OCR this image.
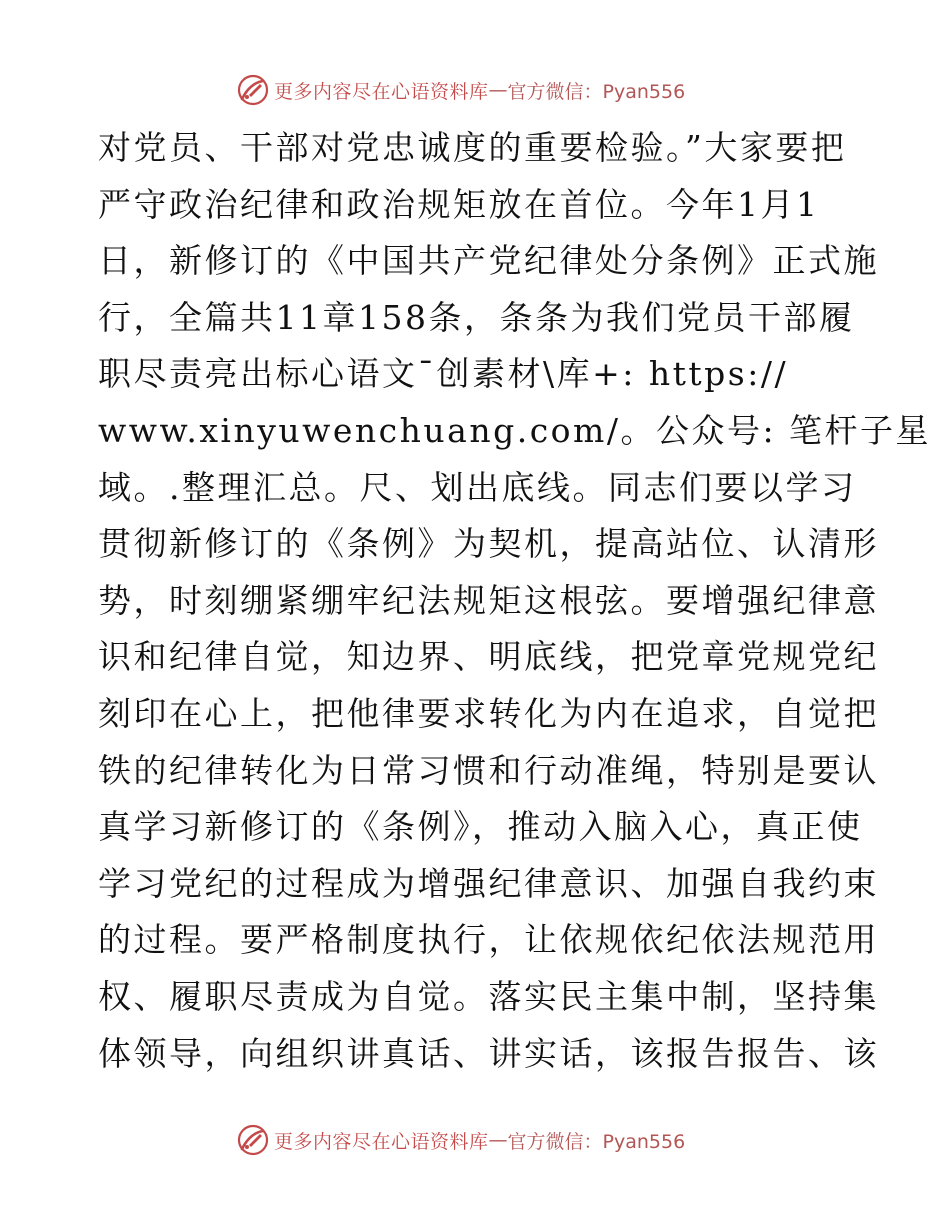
更多内容尽在心语资料库 — 官方微信：Pyan556
对党员、干部对党忠诚度的重要检验。”大家要把
严守政治纪律和政治规矩放在首位。今年1月1
日，新修订的《中国共产党纪律处分条例》正式施
行，全篇共11章158条，条条为我们党员干部履
职尽责亮出标心语文¯创素材\库+: https://
www.xinyuwenchuang.com/。公众号: 笔杆子星
域。.整理汇总。尺、划出底线。同志们要以学习
贯彻新修订的《条例》为契机，提高站位、认清形
势，时刻绷紧绷牢纪法规矩这根弦。要增强纪律意
识和纪律自觉，知边界、明底线，把党章党规党纪
刻印在心上，把他律要求转化为内在追求，自觉把
铁的纪律转化为日常习惯和行动准绳，特别是要认
真学习新修订的《条例》，推动入脑入心，真正使
学习党纪的过程成为增强纪律意识、加强自我约束
的过程。要严格制度执行，让依规依纪依法规范用
权、履职尽责成为自觉。落实民主集中制，坚持集
体领导，向组织讲真话、讲实话，该报告报告、该
更多内容尽在心语资料库 — 官方微信：Pyan556
